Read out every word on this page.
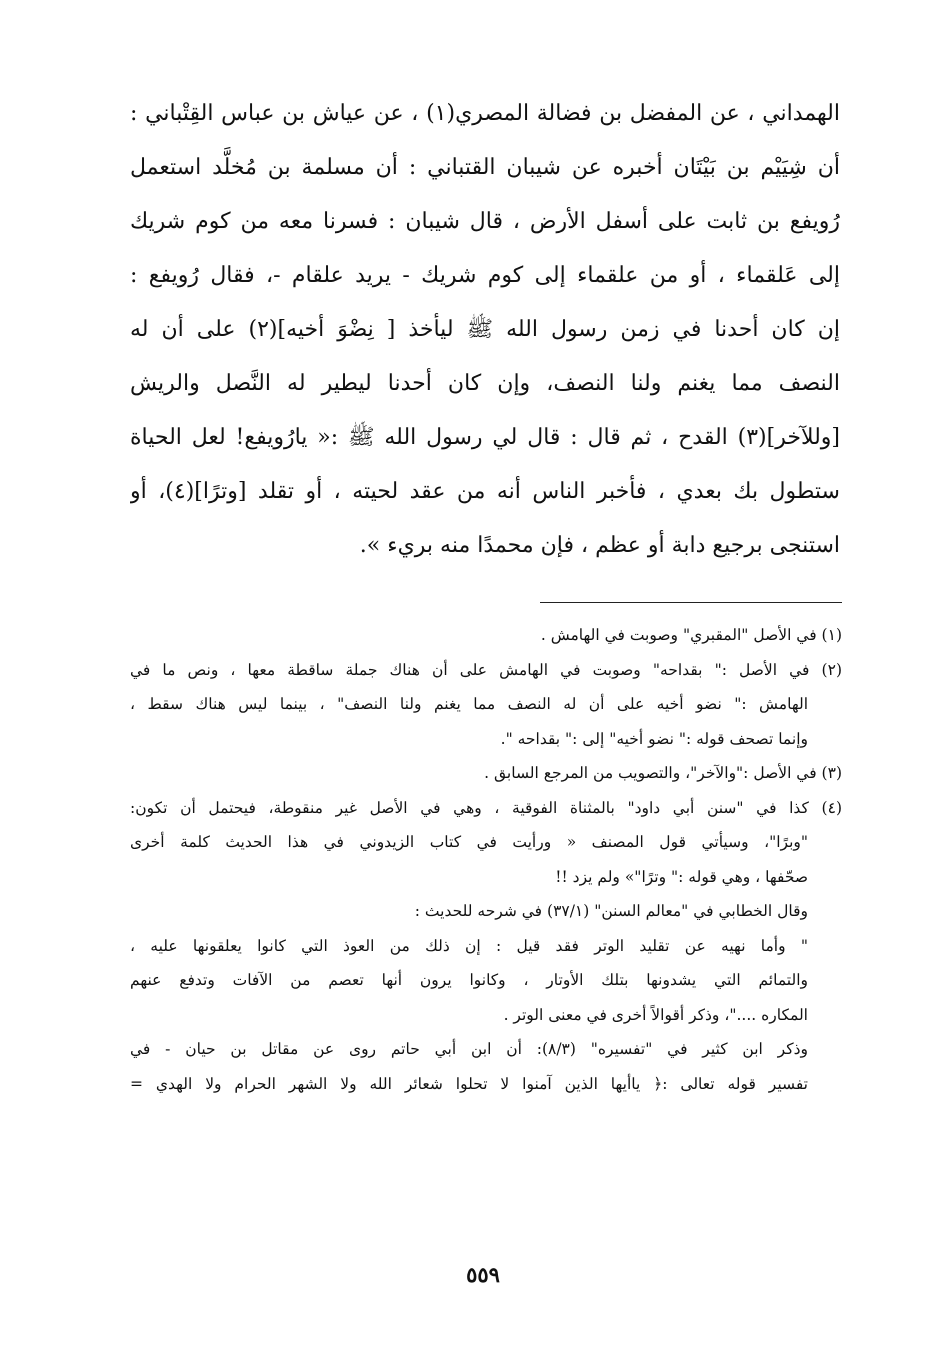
الهمداني ، عن المفضل بن فضالة المصري(١) ، عن عياش بن عباس القِتْباني :
أن شِيَيْم بن بَيْتَان أخبره عن شيبان القتباني : أن مسلمة بن مُخلَّد استعمل
رُويفع بن ثابت على أسفل الأرض ، قال شيبان : فسرنا معه من كوم شريك
إلى عَلقماء ، أو من علقماء إلى كوم شريك - يريد علقام -، فقال رُويفع :
إن كان أحدنا في زمن رسول الله ﷺ ليأخذ [ نِضْوَ أخيه](٢) على أن له
النصف مما يغنم ولنا النصف، وإن كان أحدنا ليطير له النَّصل والريش
[وللآخر](٣) القدح ، ثم قال : قال لي رسول الله ﷺ :« يارُويفع! لعل الحياة
ستطول بك بعدي ، فأخبر الناس أنه من عقد لحيته ، أو تقلد [وترًا](٤)، أو
استنجى برجيع دابة أو عظم ، فإن محمدًا منه بريء ».
(١) في الأصل "المقبري" وصوبت في الهامش .
(٢) في الأصل :" بقداحه" وصوبت في الهامش على أن هناك جملة ساقطة معها ، ونص ما في
الهامش :" نضو أخيه على أن له النصف مما يغنم ولنا النصف" ، بينما ليس هناك سقط ،
وإنما تصحف قوله :" نضو أخيه" إلى :" بقداحه ".
(٣) في الأصل :"والآخر"، والتصويب من المرجع السابق .
(٤) كذا في "سنن أبي داود" بالمثناة الفوقية ، وهي في الأصل غير منقوطة، فيحتمل أن تكون:
"وبرًا"، وسيأتي قول المصنف « ورأيت في كتاب الزيدوني في هذا الحديث كلمة أخرى
صحّفها ، وهي قوله :" وترًا"» ولم يزد !!
وقال الخطابي في "معالم السنن" (٣٧/١) في شرحه للحديث :
" وأما نهيه عن تقليد الوتر فقد قيل : إن ذلك من العوذ التي كانوا يعلقونها عليه ،
والتمائم التي يشدونها بتلك الأوتار ، وكانوا يرون أنها تعصم من الآفات وتدفع عنهم
المكاره ...."، وذكر أقوالاً أخرى في معنى الوتر .
وذكر ابن كثير في "تفسيره" (٨/٣): أن ابن أبي حاتم روى عن مقاتل بن حيان - في
تفسير قوله تعالى :﴿ ياأيها الذين آمنوا لا تحلوا شعائر الله ولا الشهر الحرام ولا الهدي =
٥٥٩
